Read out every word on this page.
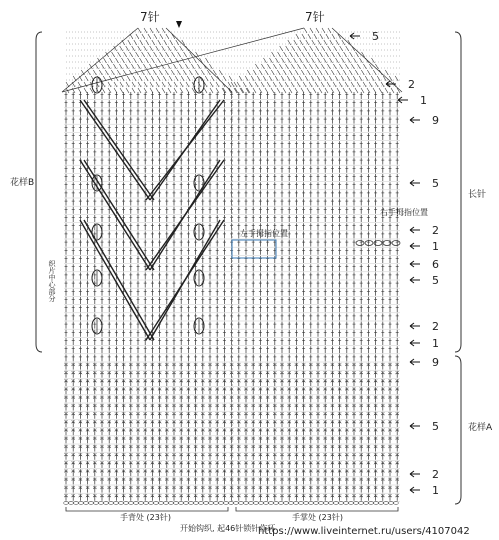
7针	7针
花样B
织片中心部分
长针
花样A
左手拇指位置
右手拇指位置
5
2
1
9
5
2
1
6
5
2
1
9
5
2
1
手背处 (23针)	手掌处 (23针)
开始钩织, 起46针锁针作环
https://www.liveinternet.ru/users/4107042
